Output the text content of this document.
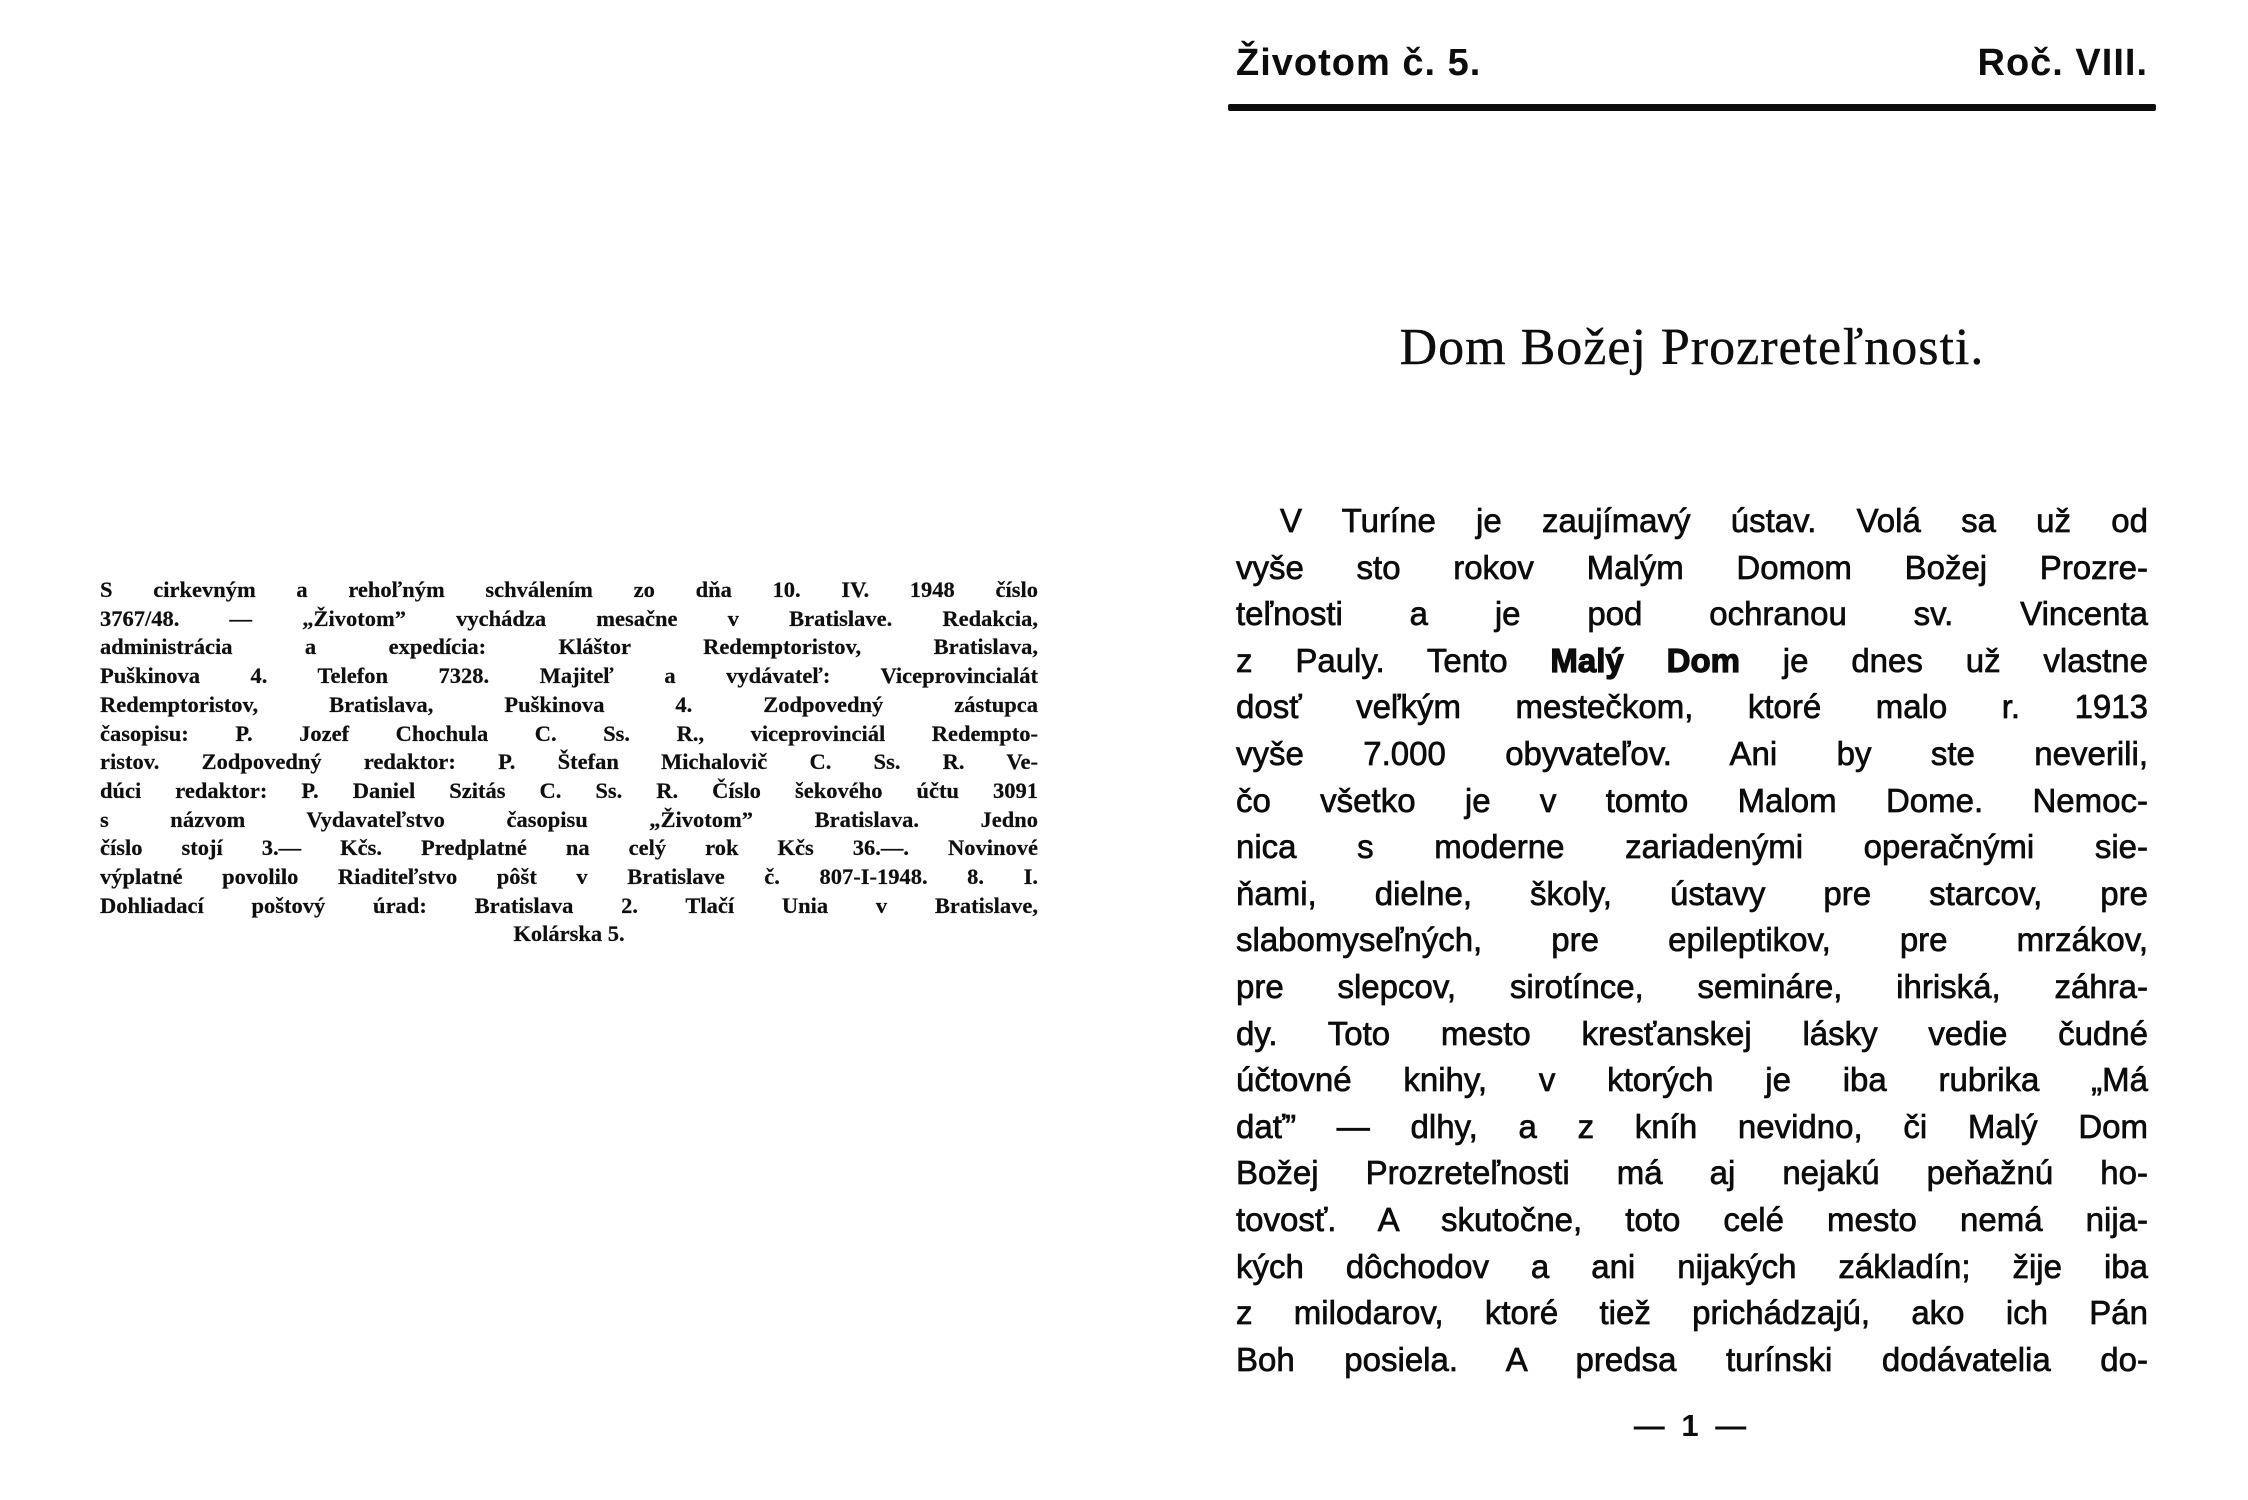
S cirkevným a rehoľným schválením zo dňa 10. IV. 1948 číslo
3767/48. — „Životom” vychádza mesačne v Bratislave. Redakcia,
administrácia a expedícia: Kláštor Redemptoristov, Bratislava,
Puškinova 4. Telefon 7328. Majiteľ a vydávateľ: Viceprovincialát
Redemptoristov, Bratislava, Puškinova 4. Zodpovedný zástupca
časopisu: P. Jozef Chochula C. Ss. R., viceprovinciál Redempto-
ristov. Zodpovedný redaktor: P. Štefan Michalovič C. Ss. R. Ve-
dúci redaktor: P. Daniel Szitás C. Ss. R. Číslo šekového účtu 3091
s názvom Vydavateľstvo časopisu „Životom” Bratislava. Jedno
číslo stojí 3.— Kčs. Predplatné na celý rok Kčs 36.—. Novinové
výplatné povolilo Riaditeľstvo pôšt v Bratislave č. 807-I-1948. 8. I.
Dohliadací poštový úrad: Bratislava 2. Tlačí Unia v Bratislave,
Kolárska 5.
Životom č. 5.	Roč. VIII.
Dom Božej Prozreteľnosti.
V Turíne je zaujímavý ústav. Volá sa už od
vyše sto rokov Malým Domom Božej Prozre-
teľnosti a je pod ochranou sv. Vincenta
z Pauly. Tento Malý Dom je dnes už vlastne
dosť veľkým mestečkom, ktoré malo r. 1913
vyše 7.000 obyvateľov. Ani by ste neverili,
čo všetko je v tomto Malom Dome. Nemoc-
nica s moderne zariadenými operačnými sie-
ňami, dielne, školy, ústavy pre starcov, pre
slabomyseľných, pre epileptikov, pre mrzákov,
pre slepcov, sirotínce, semináre, ihriská, záhra-
dy. Toto mesto kresťanskej lásky vedie čudné
účtovné knihy, v ktorých je iba rubrika „Má
dať” — dlhy, a z kníh nevidno, či Malý Dom
Božej Prozreteľnosti má aj nejakú peňažnú ho-
tovosť. A skutočne, toto celé mesto nemá nija-
kých dôchodov a ani nijakých základín; žije iba
z milodarov, ktoré tiež prichádzajú, ako ich Pán
Boh posiela. A predsa turínski dodávatelia do-
— 1 —
